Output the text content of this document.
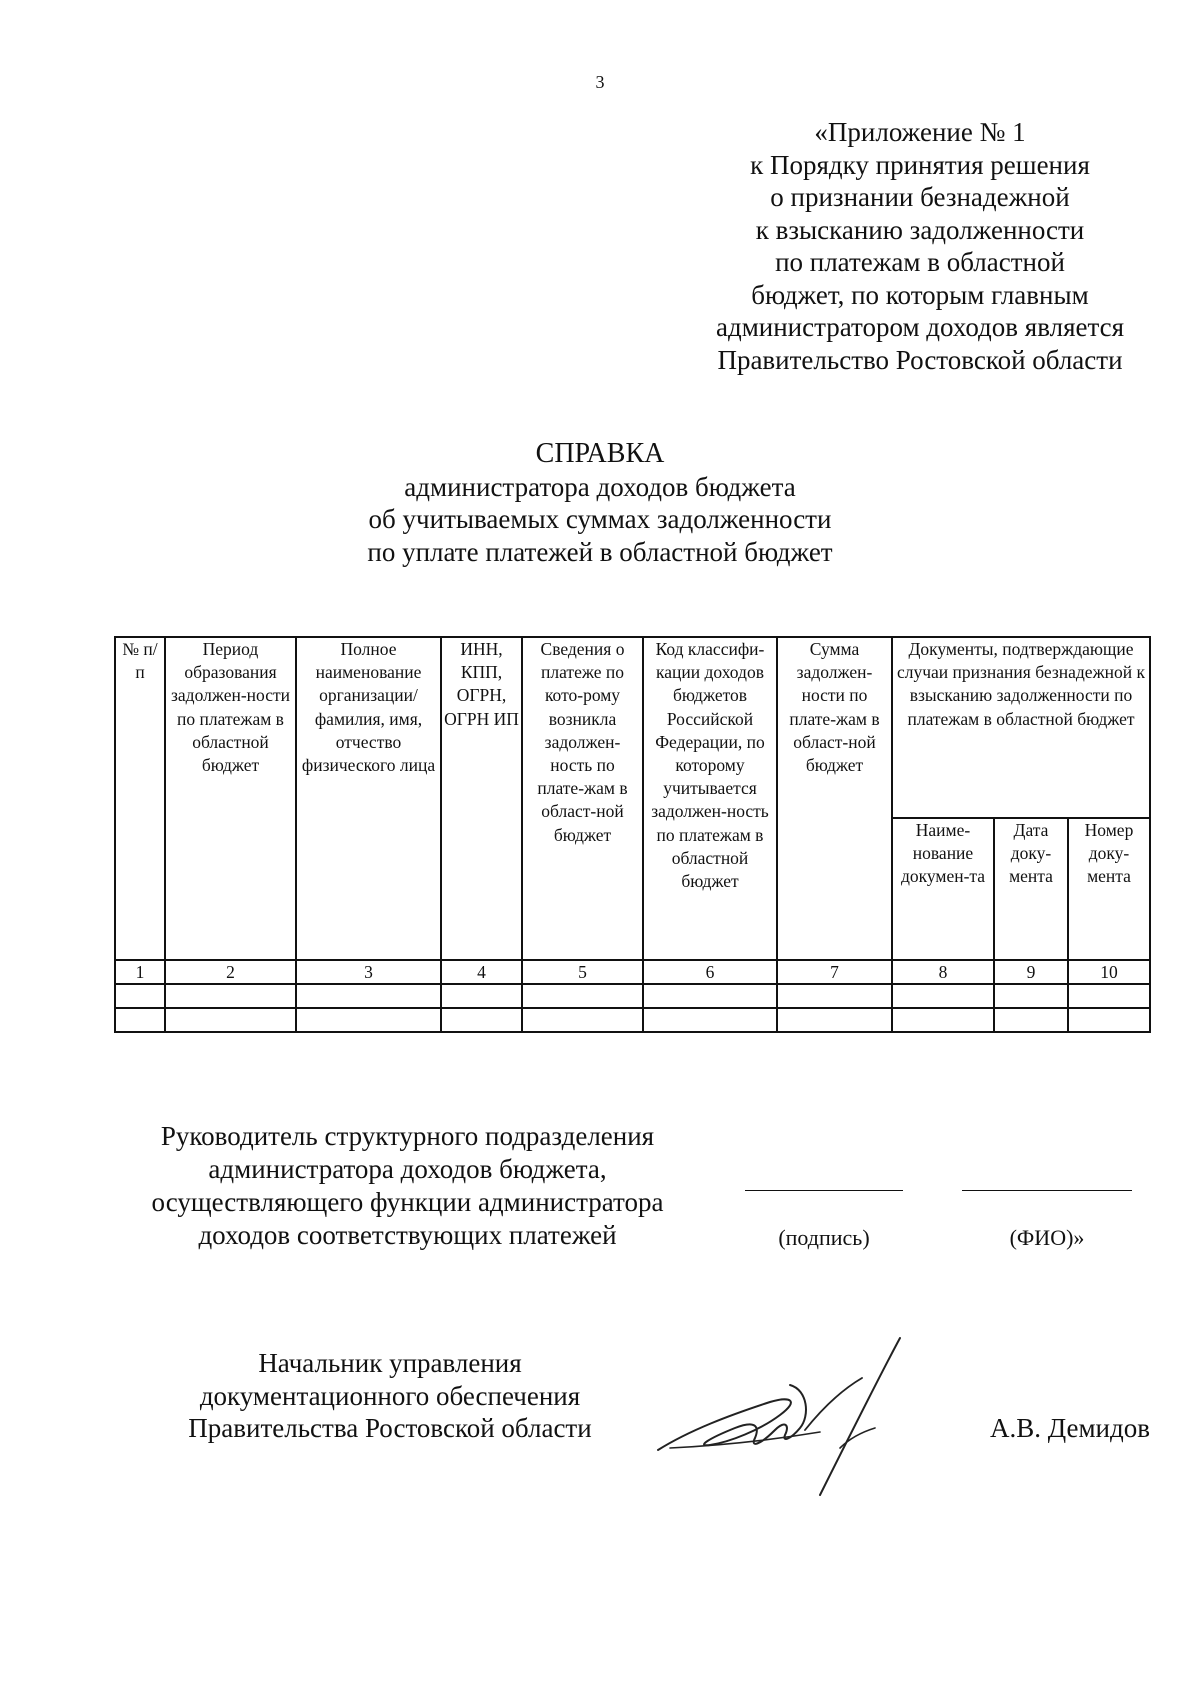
3
«Приложение № 1
к Порядку принятия решения
о признании безнадежной
к взысканию задолженности
по платежам в областной
бюджет, по которым главным
администратором доходов является
Правительство Ростовской области
СПРАВКА
администратора доходов бюджета
об учитываемых суммах задолженности
по уплате платежей в областной бюджет
№ п/п	Период образования задолжен-ности по платежам в областной бюджет	Полное наименование организации/ фамилия, имя, отчество физического лица	ИНН, КПП, ОГРН, ОГРН ИП	Сведения о платеже по кото-рому возникла задолжен-ность по плате-жам в област-ной бюджет	Код классифи-кации доходов бюджетов Российской Федерации, по которому учитывается задолжен-ность по платежам в областной бюджет	Сумма задолжен-ности по плате-жам в област-ной бюджет	Документы, подтверждающие случаи признания безнадежной к взысканию задолженности по платежам в областной бюджет		
							Наиме-нование докумен-та	Дата доку-мента	Номер доку-мента
1	2	3	4	5	6	7	8	9	10

Руководитель структурного подразделения
администратора доходов бюджета,
осуществляющего функции администратора
доходов соответствующих платежей	(подпись)	(ФИО)»
Начальник управления
документационного обеспечения
Правительства Ростовской области	А.В. Демидов
